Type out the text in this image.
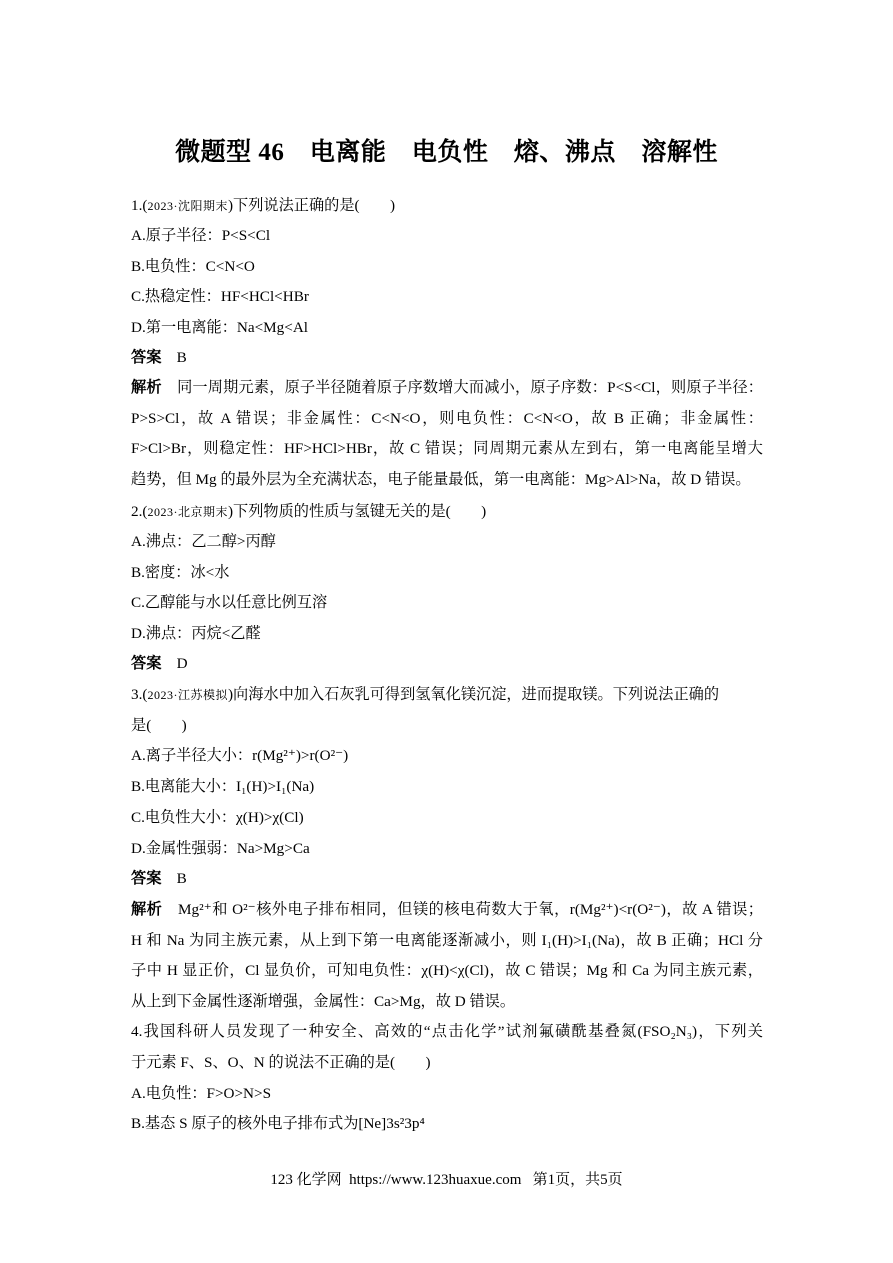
微题型 46　电离能　电负性　熔、沸点　溶解性
1.(2023·沈阳期末)下列说法正确的是(　　)
A.原子半径：P<S<Cl
B.电负性：C<N<O
C.热稳定性：HF<HCl<HBr
D.第一电离能：Na<Mg<Al
答案　 B
解析　同一周期元素，原子半径随着原子序数增大而减小，原子序数：P<S<Cl，则原子半径：
P>S>Cl，故 A 错误；非金属性：C<N<O，则电负性：C<N<O，故 B 正确；非金属性：
F>Cl>Br，则稳定性：HF>HCl>HBr，故 C 错误；同周期元素从左到右，第一电离能呈增大
趋势，但 Mg 的最外层为全充满状态，电子能量最低，第一电离能：Mg>Al>Na，故 D 错误。
2.(2023·北京期末)下列物质的性质与氢键无关的是(　　)
A.沸点：乙二醇>丙醇
B.密度：冰<水
C.乙醇能与水以任意比例互溶
D.沸点：丙烷<乙醛
答案　 D
3.(2023·江苏模拟)向海水中加入石灰乳可得到氢氧化镁沉淀，进而提取镁。下列说法正确的
是(　　)
A.离子半径大小：r(Mg²⁺)>r(O²⁻)
B.电离能大小：I₁(H)>I₁(Na)
C.电负性大小：χ(H)>χ(Cl)
D.金属性强弱：Na>Mg>Ca
答案　 B
解析　Mg²⁺和 O²⁻核外电子排布相同，但镁的核电荷数大于氧，r(Mg²⁺)<r(O²⁻)，故 A 错误；
H 和 Na 为同主族元素，从上到下第一电离能逐渐减小，则 I₁(H)>I₁(Na)，故 B 正确；HCl 分
子中 H 显正价，Cl 显负价，可知电负性：χ(H)<χ(Cl)，故 C 错误；Mg 和 Ca 为同主族元素，
从上到下金属性逐渐增强，金属性：Ca>Mg，故 D 错误。
4.我国科研人员发现了一种安全、高效的“点击化学”试剂氟磺酰基叠氮(FSO₂N₃)，下列关
于元素 F、S、O、N 的说法不正确的是(　　)
A.电负性：F>O>N>S
B.基态 S 原子的核外电子排布式为[Ne]3s²3p⁴
123 化学网  https://www.123huaxue.com   第1页，共5页
